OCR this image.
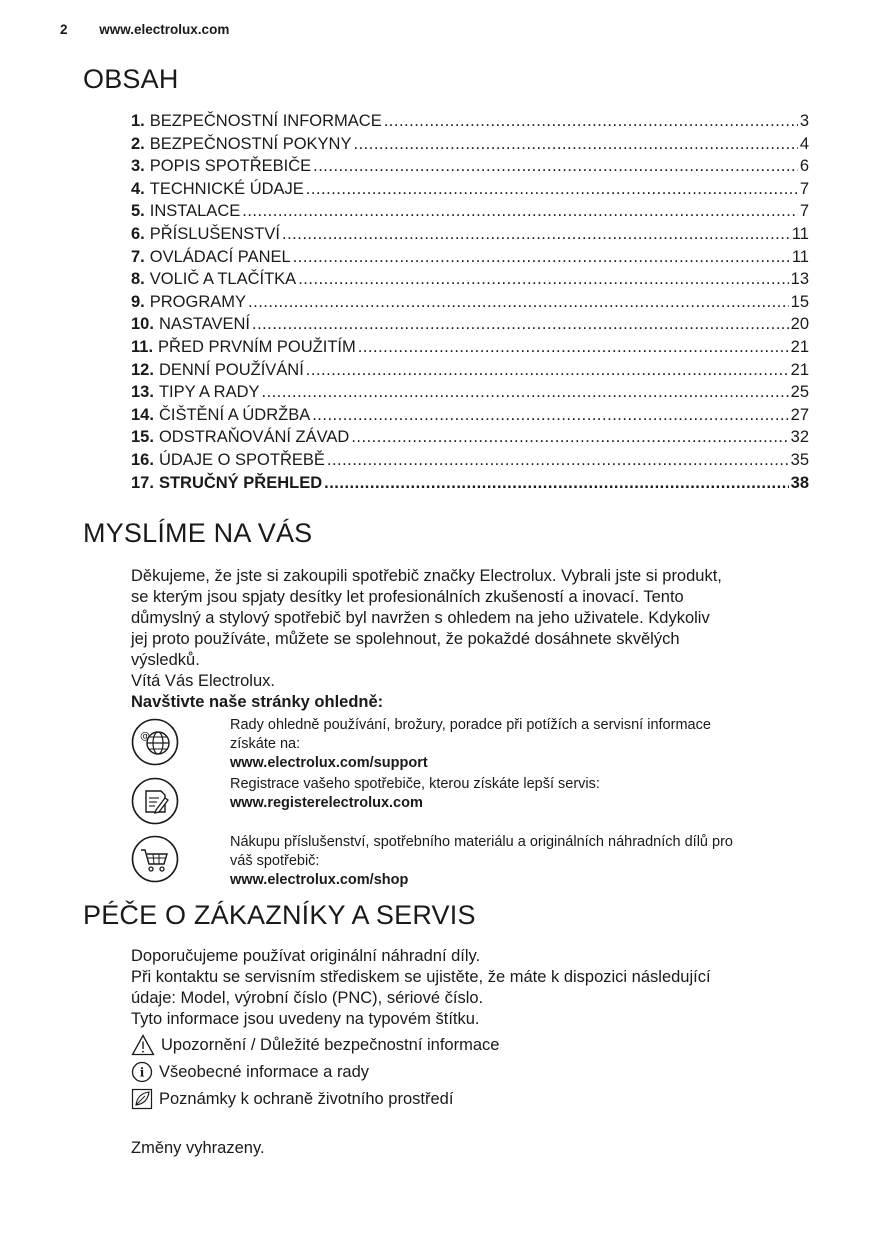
2 www.electrolux.com
OBSAH
1. BEZPEČNOSTNÍ INFORMACE .....	3
2. BEZPEČNOSTNÍ POKYNY .....	4
3. POPIS SPOTŘEBIČE .....	6
4. TECHNICKÉ ÚDAJE .....	7
5. INSTALACE .....	7
6. PŘÍSLUŠENSTVÍ .....	11
7. OVLÁDACÍ PANEL .....	11
8. VOLIČ A TLAČÍTKA .....	13
9. PROGRAMY .....	15
10. NASTAVENÍ .....	20
11. PŘED PRVNÍM POUŽITÍM .....	21
12. DENNÍ POUŽÍVÁNÍ .....	21
13. TIPY A RADY .....	25
14. ČIŠTĚNÍ A ÚDRŽBA .....	27
15. ODSTRAŇOVÁNÍ ZÁVAD .....	32
16. ÚDAJE O SPOTŘEBĚ .....	35
17. STRUČNÝ PŘEHLED .....	38
MYSLÍME NA VÁS
Děkujeme, že jste si zakoupili spotřebič značky Electrolux. Vybrali jste si produkt,
se kterým jsou spjaty desítky let profesionálních zkušeností a inovací. Tento
důmyslný a stylový spotřebič byl navržen s ohledem na jeho uživatele. Kdykoliv
jej proto používáte, můžete se spolehnout, že pokaždé dosáhnete skvělých
výsledků.
Vítá Vás Electrolux.
Navštivte naše stránky ohledně:
@
Rady ohledně používání, brožury, poradce při potížích a servisní informace
získáte na:
www.electrolux.com/support
Registrace vašeho spotřebiče, kterou získáte lepší servis:
www.registerelectrolux.com
Nákupu příslušenství, spotřebního materiálu a originálních náhradních dílů pro
váš spotřebič:
www.electrolux.com/shop
PÉČE O ZÁKAZNÍKY A SERVIS
Doporučujeme používat originální náhradní díly.
Při kontaktu se servisním střediskem se ujistěte, že máte k dispozici následující
údaje: Model, výrobní číslo (PNC), sériové číslo.
Tyto informace jsou uvedeny na typovém štítku.
Upozornění / Důležité bezpečnostní informace
i Všeobecné informace a rady
Poznámky k ochraně životního prostředí
Změny vyhrazeny.
